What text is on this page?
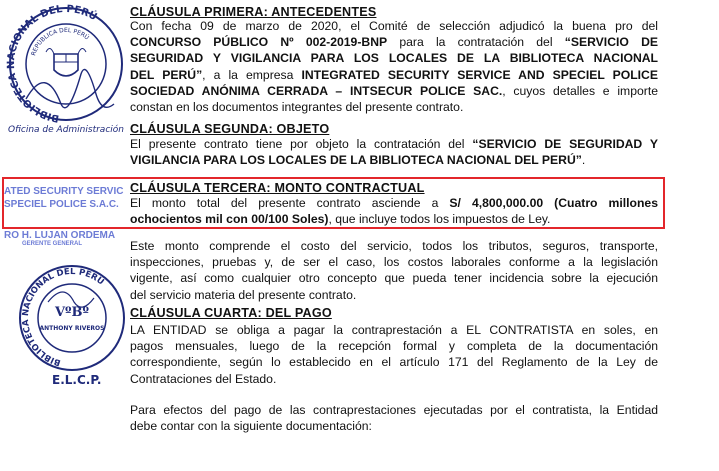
BIBLIOTECA NACIONAL DEL PERÚ
REPÚBLICA DEL PERÚ
Oficina de Administración
ATED SECURITY SERVIC
SPECIEL POLICE S.A.C.
RO H. LUJAN ORDEMA
GERENTE GENERAL
BIBLIOTECA NACIONAL DEL PERÚ
VºBº
ANTHONY RIVEROS
E.L.C.P.
CLÁUSULA PRIMERA: ANTECEDENTES
Con fecha 09 de marzo de 2020, el Comité de selección adjudicó la buena pro del
CONCURSO PÚBLICO Nº 002-2019-BNP para la contratación del “SERVICIO DE
SEGURIDAD Y VIGILANCIA PARA LOS LOCALES DE LA BIBLIOTECA NACIONAL
DEL PERÚ”, a la empresa INTEGRATED SECURITY SERVICE AND SPECIEL POLICE
SOCIEDAD ANÓNIMA CERRADA – INTSECUR POLICE SAC., cuyos detalles e importe
constan en los documentos integrantes del presente contrato.
CLÁUSULA SEGUNDA: OBJETO
El presente contrato tiene por objeto la contratación del “SERVICIO DE SEGURIDAD Y
VIGILANCIA PARA LOS LOCALES DE LA BIBLIOTECA NACIONAL DEL PERÚ”.
CLÁUSULA TERCERA: MONTO CONTRACTUAL
El monto total del presente contrato asciende a S/ 4,800,000.00 (Cuatro millones
ochocientos mil con 00/100 Soles), que incluye todos los impuestos de Ley.
Este monto comprende el costo del servicio, todos los tributos, seguros, transporte,
inspecciones, pruebas y, de ser el caso, los costos laborales conforme a la legislación
vigente, así como cualquier otro concepto que pueda tener incidencia sobre la ejecución
del servicio materia del presente contrato.
CLÁUSULA CUARTA: DEL PAGO
LA ENTIDAD se obliga a pagar la contraprestación a EL CONTRATISTA en soles, en
pagos mensuales, luego de la recepción formal y completa de la documentación
correspondiente, según lo establecido en el artículo 171 del Reglamento de la Ley de
Contrataciones del Estado.
Para efectos del pago de las contraprestaciones ejecutadas por el contratista, la Entidad
debe contar con la siguiente documentación:
